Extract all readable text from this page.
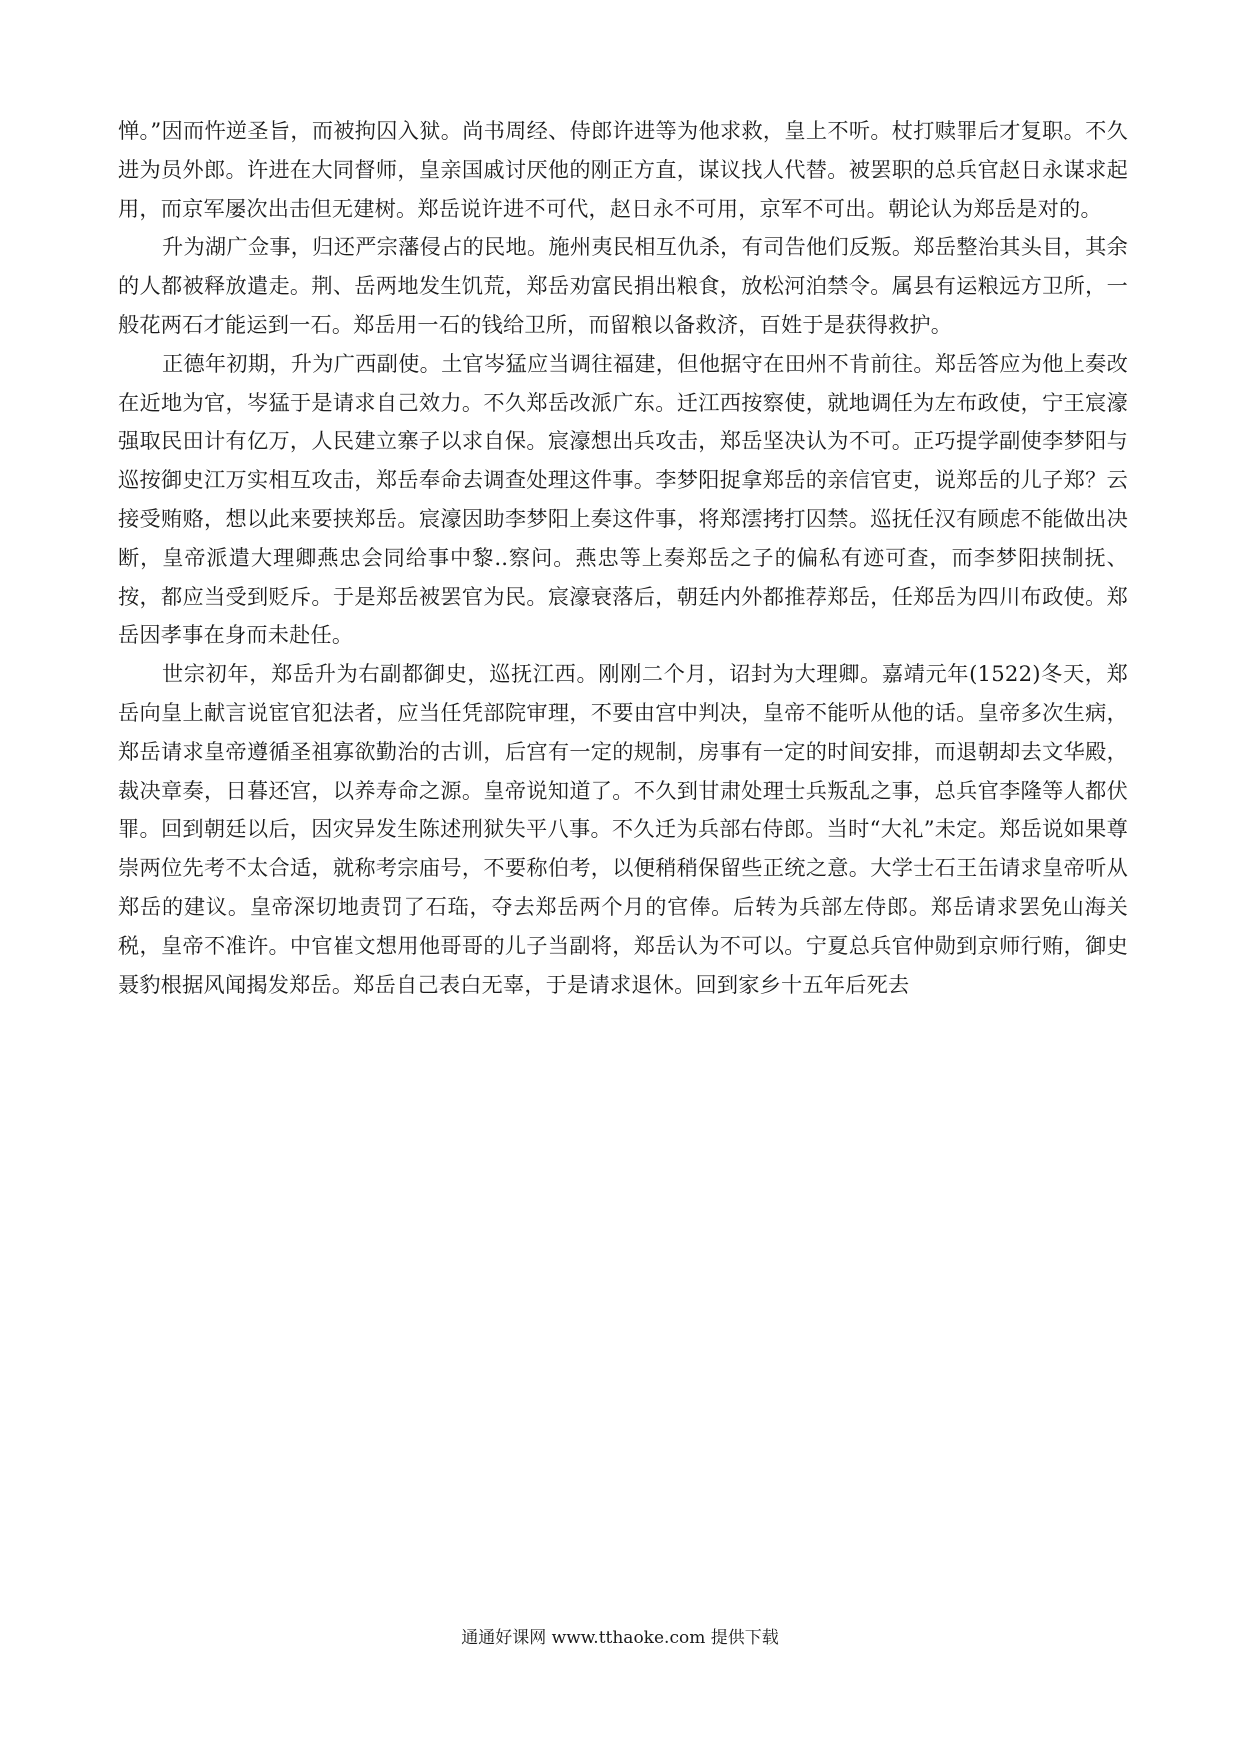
惮。”因而忤逆圣旨，而被拘囚入狱。尚书周经、侍郎许进等为他求救，皇上不听。杖打赎罪后才复职。不久进为员外郎。许进在大同督师，皇亲国戚讨厌他的刚正方直，谋议找人代替。被罢职的总兵官赵日永谋求起用，而京军屡次出击但无建树。郑岳说许进不可代，赵日永不可用，京军不可出。朝论认为郑岳是对的。

升为湖广佥事，归还严宗藩侵占的民地。施州夷民相互仇杀，有司告他们反叛。郑岳整治其头目，其余的人都被释放遣走。荆、岳两地发生饥荒，郑岳劝富民捐出粮食，放松河泊禁令。属县有运粮远方卫所，一般花两石才能运到一石。郑岳用一石的钱给卫所，而留粮以备救济，百姓于是获得救护。

正德年初期，升为广西副使。土官岑猛应当调往福建，但他据守在田州不肯前往。郑岳答应为他上奏改在近地为官，岑猛于是请求自己效力。不久郑岳改派广东。迁江西按察使，就地调任为左布政使，宁王宸濠强取民田计有亿万，人民建立寨子以求自保。宸濠想出兵攻击，郑岳坚决认为不可。正巧提学副使李梦阳与巡按御史江万实相互攻击，郑岳奉命去调查处理这件事。李梦阳捉拿郑岳的亲信官吏，说郑岳的儿子郑？云接受贿赂，想以此来要挟郑岳。宸濠因助李梦阳上奏这件事，将郑澐拷打囚禁。巡抚任汉有顾虑不能做出决断，皇帝派遣大理卿燕忠会同给事中黎..察问。燕忠等上奏郑岳之子的偏私有迹可查，而李梦阳挟制抚、按，都应当受到贬斥。于是郑岳被罢官为民。宸濠衰落后，朝廷内外都推荐郑岳，任郑岳为四川布政使。郑岳因孝事在身而未赴任。

世宗初年，郑岳升为右副都御史，巡抚江西。刚刚二个月，诏封为大理卿。嘉靖元年(1522)冬天，郑岳向皇上献言说宦官犯法者，应当任凭部院审理，不要由宫中判决，皇帝不能听从他的话。皇帝多次生病，郑岳请求皇帝遵循圣祖寡欲勤治的古训，后宫有一定的规制，房事有一定的时间安排，而退朝却去文华殿，裁决章奏，日暮还宫，以养寿命之源。皇帝说知道了。不久到甘肃处理士兵叛乱之事，总兵官李隆等人都伏罪。回到朝廷以后，因灾异发生陈述刑狱失平八事。不久迁为兵部右侍郎。当时“大礼”未定。郑岳说如果尊崇两位先考不太合适，就称考宗庙号，不要称伯考，以便稍稍保留些正统之意。大学士石王缶请求皇帝听从郑岳的建议。皇帝深切地责罚了石珤，夺去郑岳两个月的官俸。后转为兵部左侍郎。郑岳请求罢免山海关税，皇帝不准许。中官崔文想用他哥哥的儿子当副将，郑岳认为不可以。宁夏总兵官仲勋到京师行贿，御史聂豹根据风闻揭发郑岳。郑岳自己表白无辜，于是请求退休。回到家乡十五年后死去

通通好课网 www.tthaoke.com 提供下载
